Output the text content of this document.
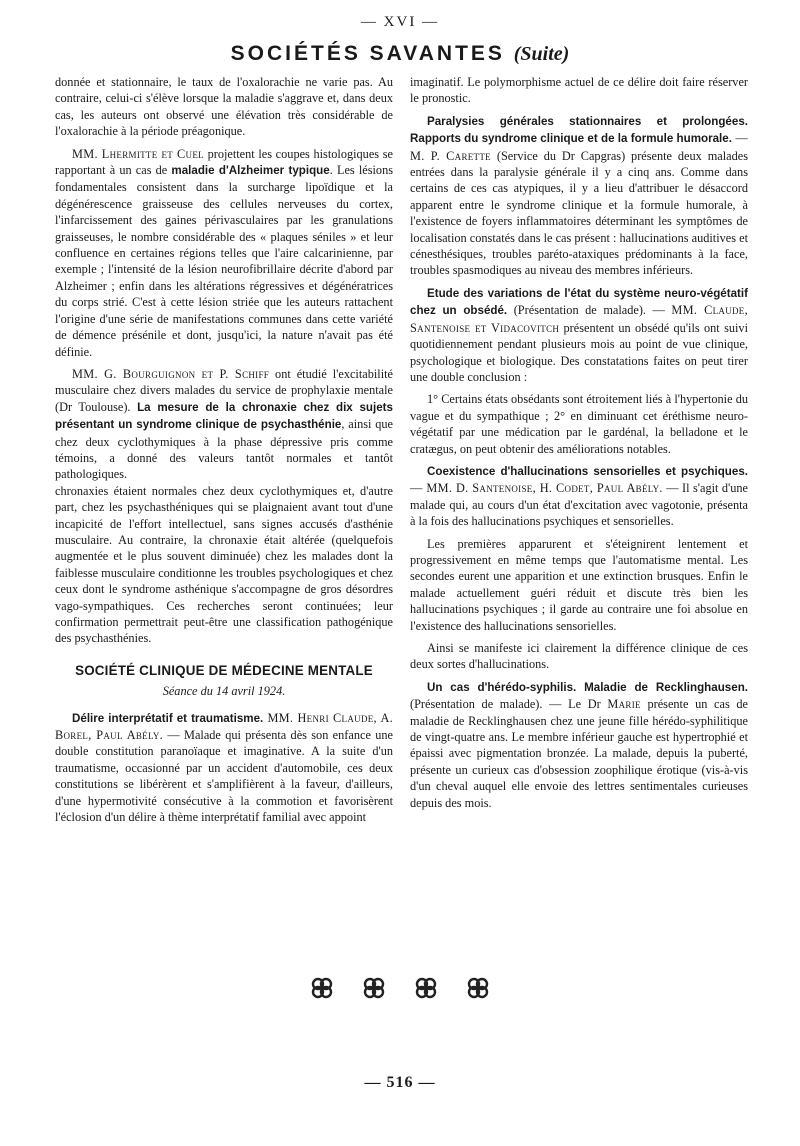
— XVI —
SOCIÉTÉS SAVANTES (Suite)

donnée et stationnaire, le taux de l'oxalorachie ne varie pas. Au contraire, celui-ci s'élève lorsque la maladie s'aggrave et, dans deux cas, les auteurs ont observé une élévation très considérable de l'oxalorachie à la période préagonique.

MM. Lhermitte et Cuel projettent les coupes histologiques se rapportant à un cas de maladie d'Alzheimer typique. Les lésions fondamentales consistent dans la surcharge lipoïdique et la dégénérescence graisseuse des cellules nerveuses du cortex, l'infarcissement des gaines périvasculaires par les granulations graisseuses, le nombre considérable des « plaques séniles » et leur confluence en certaines régions telles que l'aire calcarinienne, par exemple ; l'intensité de la lésion neurofibrillaire décrite d'abord par Alzheimer ; enfin dans les altérations régressives et dégénératrices du corps strié. C'est à cette lésion striée que les auteurs rattachent l'origine d'une série de manifestations communes dans cette variété de démence présénile et dont, jusqu'ici, la nature n'avait pas été définie.

MM. G. Bourguignon et P. Schiff ont étudié l'excitabilité musculaire chez divers malades du service de prophylaxie mentale (Dr Toulouse). La mesure de la chronaxie chez dix sujets présentant un syndrome clinique de psychasthénie, ainsi que chez deux cyclothymiques à la phase dépressive pris comme témoins, a donné des valeurs tantôt normales et tantôt pathologiques.

chronaxies étaient normales chez deux cyclothymiques et, d'autre part, chez les psychasthéniques qui se plaignaient avant tout d'une incapicité de l'effort intellectuel, sans signes accusés d'asthénie musculaire. Au contraire, la chronaxie était altérée (quelquefois augmentée et le plus souvent diminuée) chez les malades dont la faiblesse musculaire conditionne les troubles psychologiques et chez ceux dont le syndrome asthénique s'accompagne de gros désordres vago-sympathiques. Ces recherches seront continuées; leur confirmation permettrait peut-être une classification pathogénique des psychasthénies.

SOCIÉTÉ CLINIQUE DE MÉDECINE MENTALE

Séance du 14 avril 1924.

Délire interprétatif et traumatisme. MM. Henri Claude, A. Borel, Paul Abély. — Malade qui présenta dès son enfance une double constitution paranoïaque et imaginative. A la suite d'un traumatisme, occasionné par un accident d'automobile, ces deux constitutions se libérèrent et s'amplifièrent à la faveur, d'ailleurs, d'une hypermotivité consécutive à la commotion et favorisèrent l'éclosion d'un délire à thème interprétatif familial avec appoint

imaginatif. Le polymorphisme actuel de ce délire doit faire réserver le pronostic.

Paralysies générales stationnaires et prolongées. Rapports du syndrome clinique et de la formule humorale. — M. P. Carette (Service du Dr Capgras) présente deux malades entrées dans la paralysie générale il y a cinq ans. Comme dans certains de ces cas atypiques, il y a lieu d'attribuer le désaccord apparent entre le syndrome clinique et la formule humorale, à l'existence de foyers inflammatoires déterminant les symptômes de localisation constatés dans le cas présent : hallucinations auditives et cénesthésiques, troubles paréto-ataxiques prédominants à la face, troubles spasmodiques au niveau des membres inférieurs.

Etude des variations de l'état du système neuro-végétatif chez un obsédé. (Présentation de malade). — MM. Claude, Santenoise et Vidacovitch présentent un obsédé qu'ils ont suivi quotidiennement pendant plusieurs mois au point de vue clinique, psychologique et biologique. Des constatations faites on peut tirer une double conclusion :

1° Certains états obsédants sont étroitement liés à l'hypertonie du vague et du sympathique ; 2° en diminuant cet éréthisme neuro-végétatif par une médication par le gardénal, la belladone et le cratægus, on peut obtenir des améliorations notables.

Coexistence d'hallucinations sensorielles et psychiques. — MM. D. Santenoise, H. Codet, Paul Abély. — Il s'agit d'une malade qui, au cours d'un état d'excitation avec vagotonie, présenta à la fois des hallucinations psychiques et sensorielles.

Les premières apparurent et s'éteignirent lentement et progressivement en même temps que l'automatisme mental. Les secondes eurent une apparition et une extinction brusques. Enfin le malade actuellement guéri réduit et discute très bien les hallucinations psychiques ; il garde au contraire une foi absolue en l'existence des hallucinations sensorielles.

Ainsi se manifeste ici clairement la différence clinique de ces deux sortes d'hallucinations.

Un cas d'hérédo-syphilis. Maladie de Recklinghausen. (Présentation de malade). — Le Dr Marie présente un cas de maladie de Recklinghausen chez une jeune fille hérédo-syphilitique de vingt-quatre ans. Le membre inférieur gauche est hypertrophié et épaissi avec pigmentation bronzée. La malade, depuis la puberté, présente un curieux cas d'obsession zoophilique érotique (vis-à-vis d'un cheval auquel elle envoie des lettres sentimentales curieuses depuis des mois.

— 516 —
